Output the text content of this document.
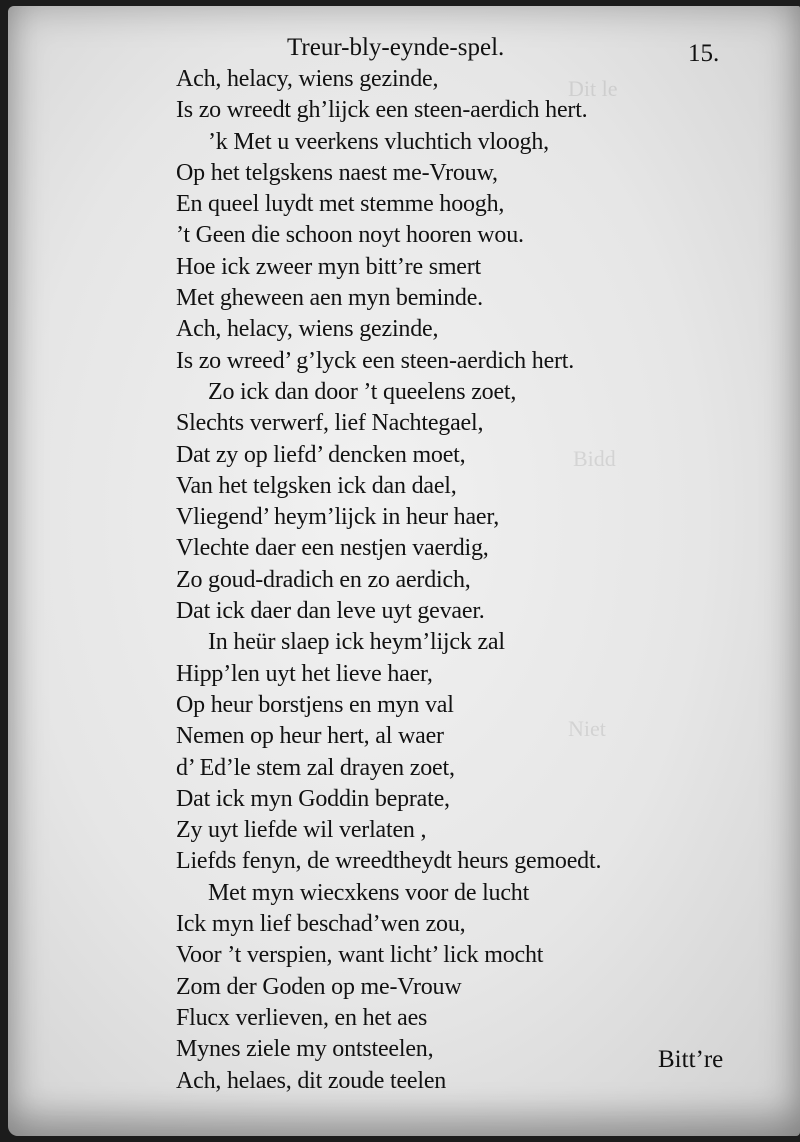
Dit le
Bidd
Niet
Treur-bly-eynde-spel.	15.
Ach, helacy, wiens gezinde,
Is zo wreedt gh’lijck een steen-aerdich hert.
’k Met u veerkens vluchtich vloogh,
Op het telgskens naest me-Vrouw,
En queel luydt met stemme hoogh,
’t Geen die schoon noyt hooren wou.
Hoe ick zweer myn bitt’re smert
Met gheween aen myn beminde.
Ach, helacy, wiens gezinde,
Is zo wreed’ g’lyck een steen-aerdich hert.
Zo ick dan door ’t queelens zoet,
Slechts verwerf, lief Nachtegael,
Dat zy op liefd’ dencken moet,
Van het telgsken ick dan dael,
Vliegend’ heym’lijck in heur haer,
Vlechte daer een nestjen vaerdig,
Zo goud-dradich en zo aerdich,
Dat ick daer dan leve uyt gevaer.
In heür slaep ick heym’lijck zal
Hipp’len uyt het lieve haer,
Op heur borstjens en myn val
Nemen op heur hert, al waer
d’ Ed’le stem zal drayen zoet,
Dat ick myn Goddin beprate,
Zy uyt liefde wil verlaten ,
Liefds fenyn, de wreedtheydt heurs gemoedt.
Met myn wiecxkens voor de lucht
Ick myn lief beschad’wen zou,
Voor ’t verspien, want licht’ lick mocht
Zom der Goden op me-Vrouw
Flucx verlieven, en het aes
Mynes ziele my ontsteelen,
Ach, helaes, dit zoude teelen
Bitt’re
